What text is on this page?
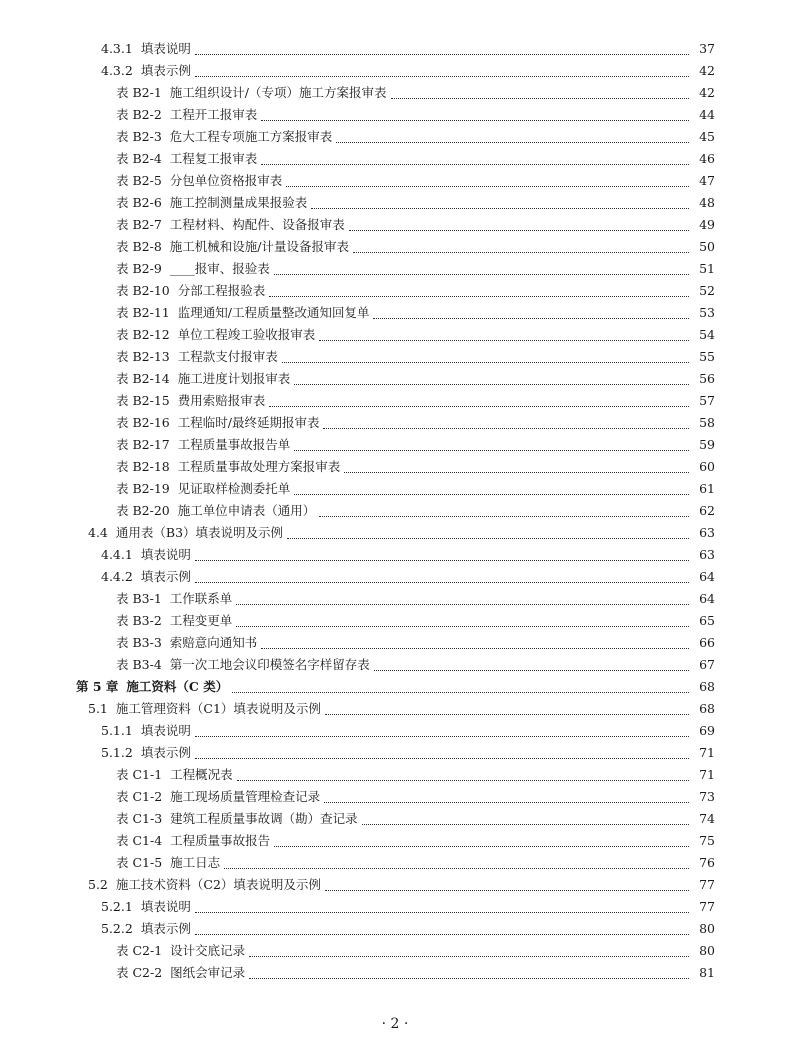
4.3.1 填表说明	37
4.3.2 填表示例	42
表 B2-1 施工组织设计/（专项）施工方案报审表	42
表 B2-2 工程开工报审表	44
表 B2-3 危大工程专项施工方案报审表	45
表 B2-4 工程复工报审表	46
表 B2-5 分包单位资格报审表	47
表 B2-6 施工控制测量成果报验表	48
表 B2-7 工程材料、构配件、设备报审表	49
表 B2-8 施工机械和设施/计量设备报审表	50
表 B2-9 ____报审、报验表	51
表 B2-10 分部工程报验表	52
表 B2-11 监理通知/工程质量整改通知回复单	53
表 B2-12 单位工程竣工验收报审表	54
表 B2-13 工程款支付报审表	55
表 B2-14 施工进度计划报审表	56
表 B2-15 费用索赔报审表	57
表 B2-16 工程临时/最终延期报审表	58
表 B2-17 工程质量事故报告单	59
表 B2-18 工程质量事故处理方案报审表	60
表 B2-19 见证取样检测委托单	61
表 B2-20 施工单位申请表（通用）	62
4.4 通用表（B3）填表说明及示例	63
4.4.1 填表说明	63
4.4.2 填表示例	64
表 B3-1 工作联系单	64
表 B3-2 工程变更单	65
表 B3-3 索赔意向通知书	66
表 B3-4 第一次工地会议印模签名字样留存表	67
第 5 章 施工资料（C 类）	68
5.1 施工管理资料（C1）填表说明及示例	68
5.1.1 填表说明	69
5.1.2 填表示例	71
表 C1-1 工程概况表	71
表 C1-2 施工现场质量管理检查记录	73
表 C1-3 建筑工程质量事故调（勘）查记录	74
表 C1-4 工程质量事故报告	75
表 C1-5 施工日志	76
5.2 施工技术资料（C2）填表说明及示例	77
5.2.1 填表说明	77
5.2.2 填表示例	80
表 C2-1 设计交底记录	80
表 C2-2 图纸会审记录	81
· 2 ·
